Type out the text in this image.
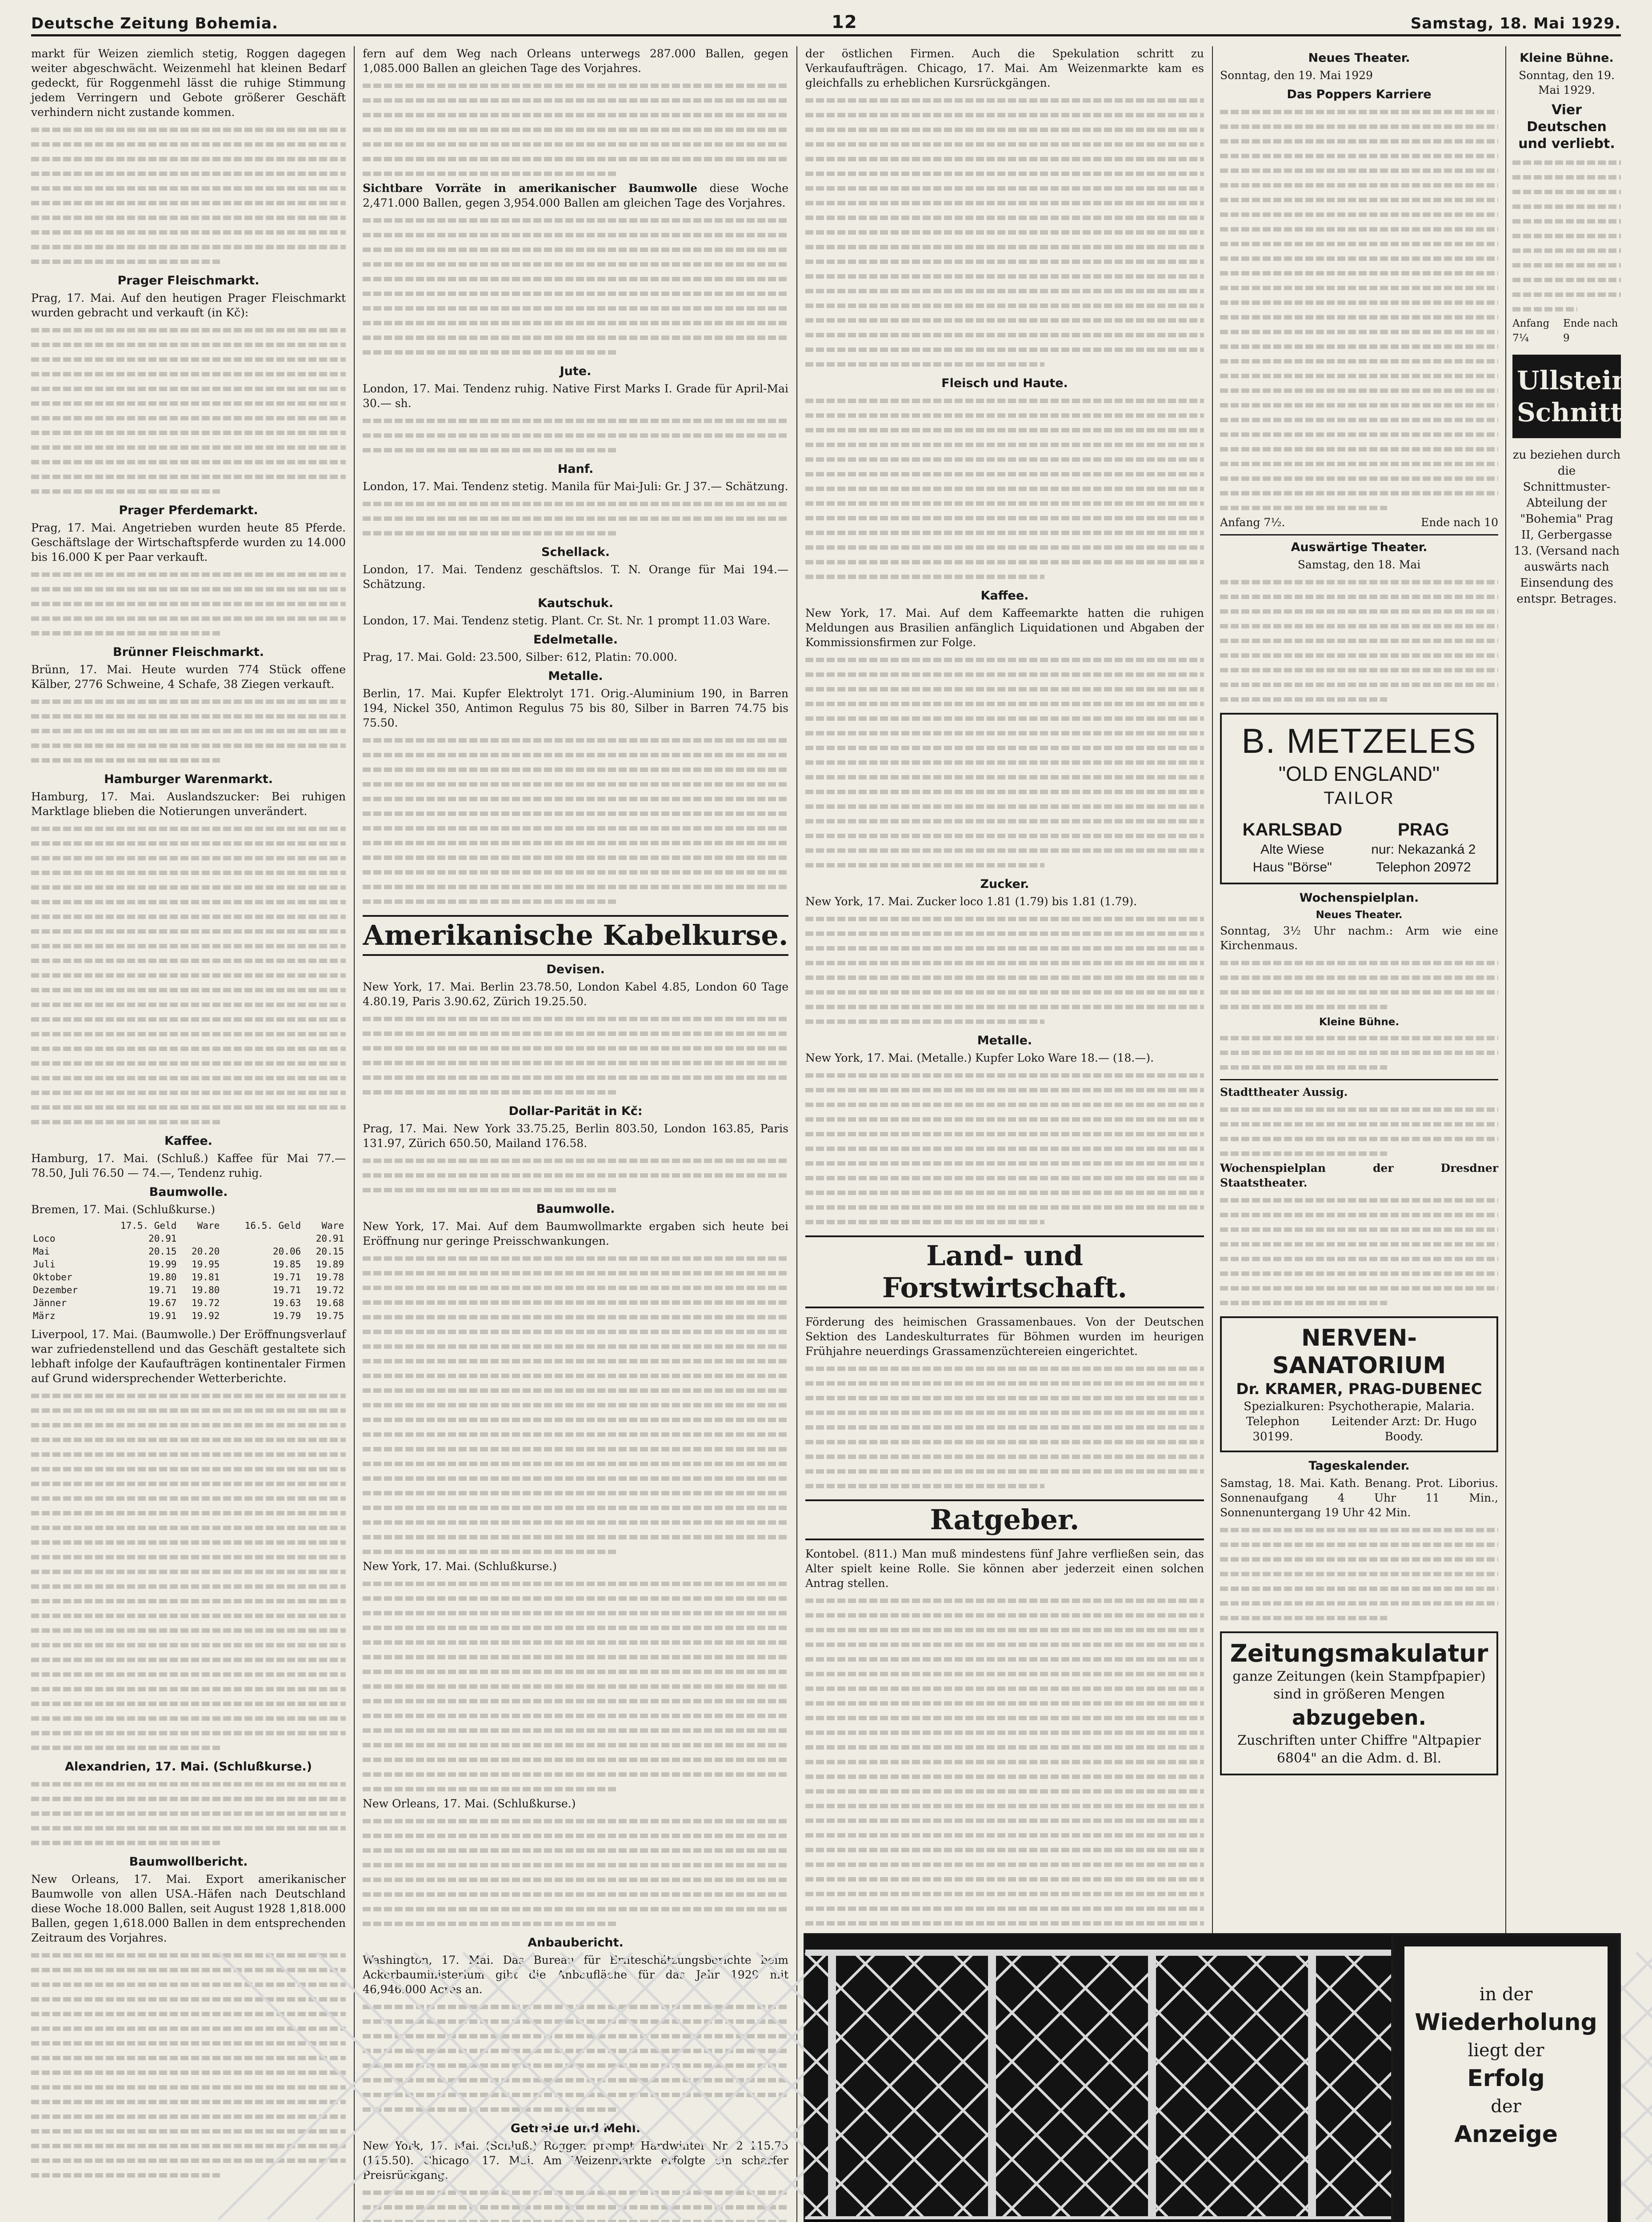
Deutsche Zeitung Bohemia.	12	Samstag, 18. Mai 1929.

markt für Weizen ziemlich stetig, Roggen dagegen weiter abgeschwächt. Weizenmehl hat kleinen Bedarf gedeckt, für Roggenmehl lässt die ruhige Stimmung jedem Verringern und Gebote größerer Geschäft verhindern nicht zustande kommen.

Prager Fleischmarkt.

Prag, 17. Mai. Auf den heutigen Prager Fleischmarkt wurden gebracht und verkauft (in Kč):

Prager Pferdemarkt.

Prag, 17. Mai. Angetrieben wurden heute 85 Pferde. Geschäftslage der Wirtschaftspferde wurden zu 14.000 bis 16.000 K per Paar verkauft.

Brünner Fleischmarkt.

Brünn, 17. Mai. Heute wurden 774 Stück offene Kälber, 2776 Schweine, 4 Schafe, 38 Ziegen verkauft.

Hamburger Warenmarkt.

Hamburg, 17. Mai. Auslandszucker: Bei ruhigen Marktlage blieben die Notierungen unverändert.

Kaffee.

Hamburg, 17. Mai. (Schluß.) Kaffee für Mai 77.— 78.50, Juli 76.50 — 74.—, Tendenz ruhig.

Baumwolle.

Bremen, 17. Mai. (Schlußkurse.)

	17.5. Geld	Ware	16.5. Geld	Ware
Loco	20.91			20.91
Mai	20.15	20.20	20.06	20.15
Juli	19.99	19.95	19.85	19.89
Oktober	19.80	19.81	19.71	19.78
Dezember	19.71	19.80	19.71	19.72
Jänner	19.67	19.72	19.63	19.68
März	19.91	19.92	19.79	19.75

Liverpool, 17. Mai. (Baumwolle.) Der Eröffnungsverlauf war zufriedenstellend und das Geschäft gestaltete sich lebhaft infolge der Kaufaufträgen kontinentaler Firmen auf Grund widersprechender Wetterberichte.

Alexandrien, 17. Mai. (Schlußkurse.)
Baumwollbericht.

New Orleans, 17. Mai. Export amerikanischer Baumwolle von allen USA.-Häfen nach Deutschland diese Woche 18.000 Ballen, seit August 1928 1,818.000 Ballen, gegen 1,618.000 Ballen in dem entsprechenden Zeitraum des Vorjahres.

fern auf dem Weg nach Orleans unterwegs 287.000 Ballen, gegen 1,085.000 Ballen an gleichen Tage des Vorjahres.

Sichtbare Vorräte in amerikanischer Baumwolle diese Woche 2,471.000 Ballen, gegen 3,954.000 Ballen am gleichen Tage des Vorjahres.

Jute.

London, 17. Mai. Tendenz ruhig. Native First Marks I. Grade für April-Mai 30.— sh.

Hanf.

London, 17. Mai. Tendenz stetig. Manila für Mai-Juli: Gr. J 37.— Schätzung.

Schellack.

London, 17. Mai. Tendenz geschäftslos. T. N. Orange für Mai 194.— Schätzung.

Kautschuk.

London, 17. Mai. Tendenz stetig. Plant. Cr. St. Nr. 1 prompt 11.03 Ware.

Edelmetalle.

Prag, 17. Mai. Gold: 23.500, Silber: 612, Platin: 70.000.

Metalle.

Berlin, 17. Mai. Kupfer Elektrolyt 171. Orig.-Aluminium 190, in Barren 194, Nickel 350, Antimon Regulus 75 bis 80, Silber in Barren 74.75 bis 75.50.

Amerikanische Kabelkurse.
Devisen.

New York, 17. Mai. Berlin 23.78.50, London Kabel 4.85, London 60 Tage 4.80.19, Paris 3.90.62, Zürich 19.25.50.

Dollar-Parität in Kč:

Prag, 17. Mai. New York 33.75.25, Berlin 803.50, London 163.85, Paris 131.97, Zürich 650.50, Mailand 176.58.

Baumwolle.

New York, 17. Mai. Auf dem Baumwollmarkte ergaben sich heute bei Eröffnung nur geringe Preisschwankungen.

New York, 17. Mai. (Schlußkurse.)

New Orleans, 17. Mai. (Schlußkurse.)

Anbaubericht.

Washington, 17. Mai. Das Bureau für Ernteschätzungsberichte beim Ackerbauministerium gibt die Anbaufläche für das Jahr 1929 mit 46,946.000 Acres an.

Getreide und Mehl.

New York, 17. Mai. (Schluß.) Roggen prompt Hardwinter Nr. 2 115.75 (115.50). Chicago, 17. Mai. Am Weizenmarkte erfolgte ein scharfer Preisrückgang.

der östlichen Firmen. Auch die Spekulation schritt zu Verkaufaufträgen. Chicago, 17. Mai. Am Weizenmarkte kam es gleichfalls zu erheblichen Kursrückgängen.

Fleisch und Haute.
Kaffee.

New York, 17. Mai. Auf dem Kaffeemarkte hatten die ruhigen Meldungen aus Brasilien anfänglich Liquidationen und Abgaben der Kommissionsfirmen zur Folge.

Zucker.

New York, 17. Mai. Zucker loco 1.81 (1.79) bis 1.81 (1.79).

Metalle.

New York, 17. Mai. (Metalle.) Kupfer Loko Ware 18.— (18.—).

Land- und Forstwirtschaft.

Förderung des heimischen Grassamenbaues. Von der Deutschen Sektion des Landeskulturrates für Böhmen wurden im heurigen Frühjahre neuerdings Grassamenzüchtereien eingerichtet.

Ratgeber.

Kontobel. (811.) Man muß mindestens fünf Jahre verfließen sein, das Alter spielt keine Rolle. Sie können aber jederzeit einen solchen Antrag stellen.

Neues Theater.

Sonntag, den 19. Mai 1929

Das Poppers Karriere
Anfang 7½.	Ende nach 10
Auswärtige Theater.

Samstag, den 18. Mai

B. METZELES
"OLD ENGLAND"
TAILOR
KARLSBAD
Alte Wiese
Haus "Börse"
PRAG
nur: Nekazanká 2
Telephon 20972
Wochenspielplan.
Neues Theater.

Sonntag, 3½ Uhr nachm.: Arm wie eine Kirchenmaus.

Kleine Bühne.

Stadttheater Aussig.

Wochenspielplan der Dresdner Staatstheater.

NERVEN-SANATORIUM
Dr. KRAMER, PRAG-DUBENEC
Spezialkuren: Psychotherapie, Malaria.
Telephon 30199.
Leitender Arzt: Dr. Hugo Boody.
Tageskalender.

Samstag, 18. Mai. Kath. Benang. Prot. Liborius. Sonnenaufgang 4 Uhr 11 Min., Sonnenuntergang 19 Uhr 42 Min.

Zeitungsmakulatur
ganze Zeitungen (kein Stampfpapier) sind in größeren Mengen
abzugeben.
Zuschriften unter Chiffre "Altpapier 6804" an die Adm. d. Bl.
Kleine Bühne.

Sonntag, den 19. Mai 1929.

Vier Deutschen und verliebt.
Anfang 7¼
Ende nach 9
Ullstein-Schnitte

zu beziehen durch die Schnittmuster-Abteilung der "Bohemia" Prag II, Gerbergasse 13. (Versand nach auswärts nach Einsendung des entspr. Betrages.

in der
Wiederholung
liegt der
Erfolg
der
Anzeige
